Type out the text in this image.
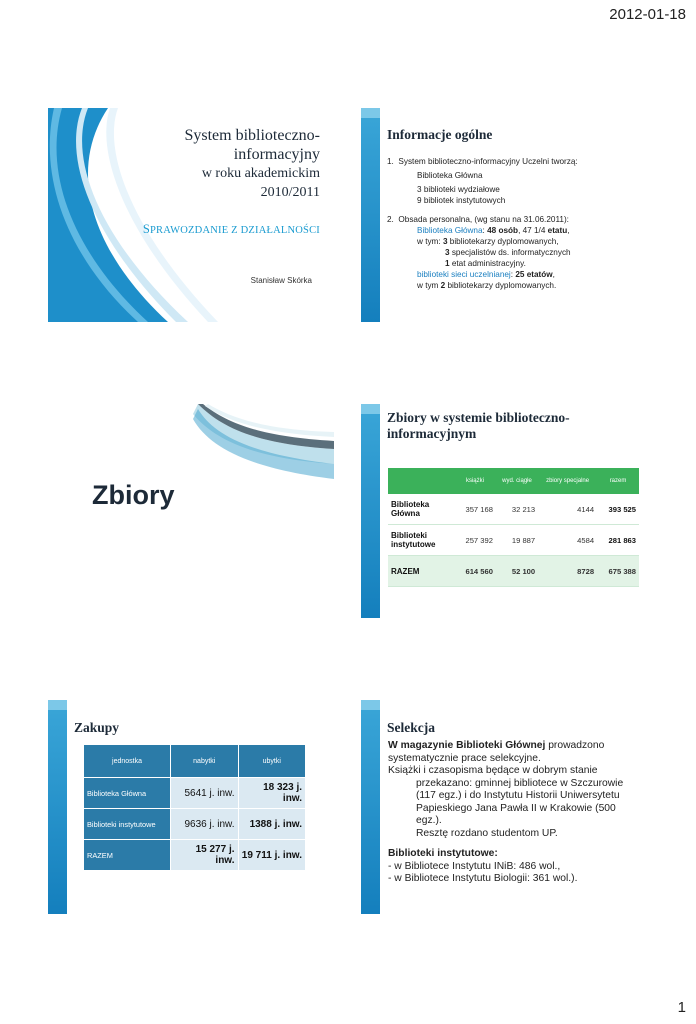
2012-01-18
System biblioteczno-
informacyjny
w roku akademickim
2010/2011
SPRAWOZDANIE Z DZIAŁALNOŚCI
Stanisław Skórka
Informacje ogólne
1. System biblioteczno-informacyjny Uczelni tworzą:
Biblioteka Główna
3 biblioteki wydziałowe
9 bibliotek instytutowych
2. Obsada personalna, (wg stanu na 31.06.2011):
Biblioteka Główna: 48 osób, 47 1/4 etatu,
w tym: 3 bibliotekarzy dyplomowanych,
3 specjalistów ds. informatycznych
1 etat administracyjny.
biblioteki sieci uczelnianej: 25 etatów,
w tym 2 bibliotekarzy dyplomowanych.
Zbiory
Zbiory w systemie biblioteczno-
informacyjnym
	książki	wyd. ciągłe	zbiory specjalne	razem
Biblioteka Główna	357 168	32 213	4144	393 525
Biblioteki instytutowe	257 392	19 887	4584	281 863
RAZEM	614 560	52 100	8728	675 388
Zakupy
jednostka	nabytki	ubytki
Biblioteka Główna	5641 j. inw.	18 323 j. inw.
Biblioteki instytutowe	9636 j. inw.	1388 j. inw.
RAZEM	15 277 j. inw.	19 711 j. inw.
Selekcja
W magazynie Biblioteki Głównej prowadzono systematycznie prace selekcyjne.
Książki i czasopisma będące w dobrym stanie
przekazano: gminnej bibliotece w Szczurowie (117 egz.) i do Instytutu Historii Uniwersytetu Papieskiego Jana Pawła II w Krakowie (500 egz.).
Resztę rozdano studentom UP.
Biblioteki instytutowe:
- w Bibliotece Instytutu INiB: 486 wol.,
- w Bibliotece Instytutu Biologii: 361 wol.).
1
